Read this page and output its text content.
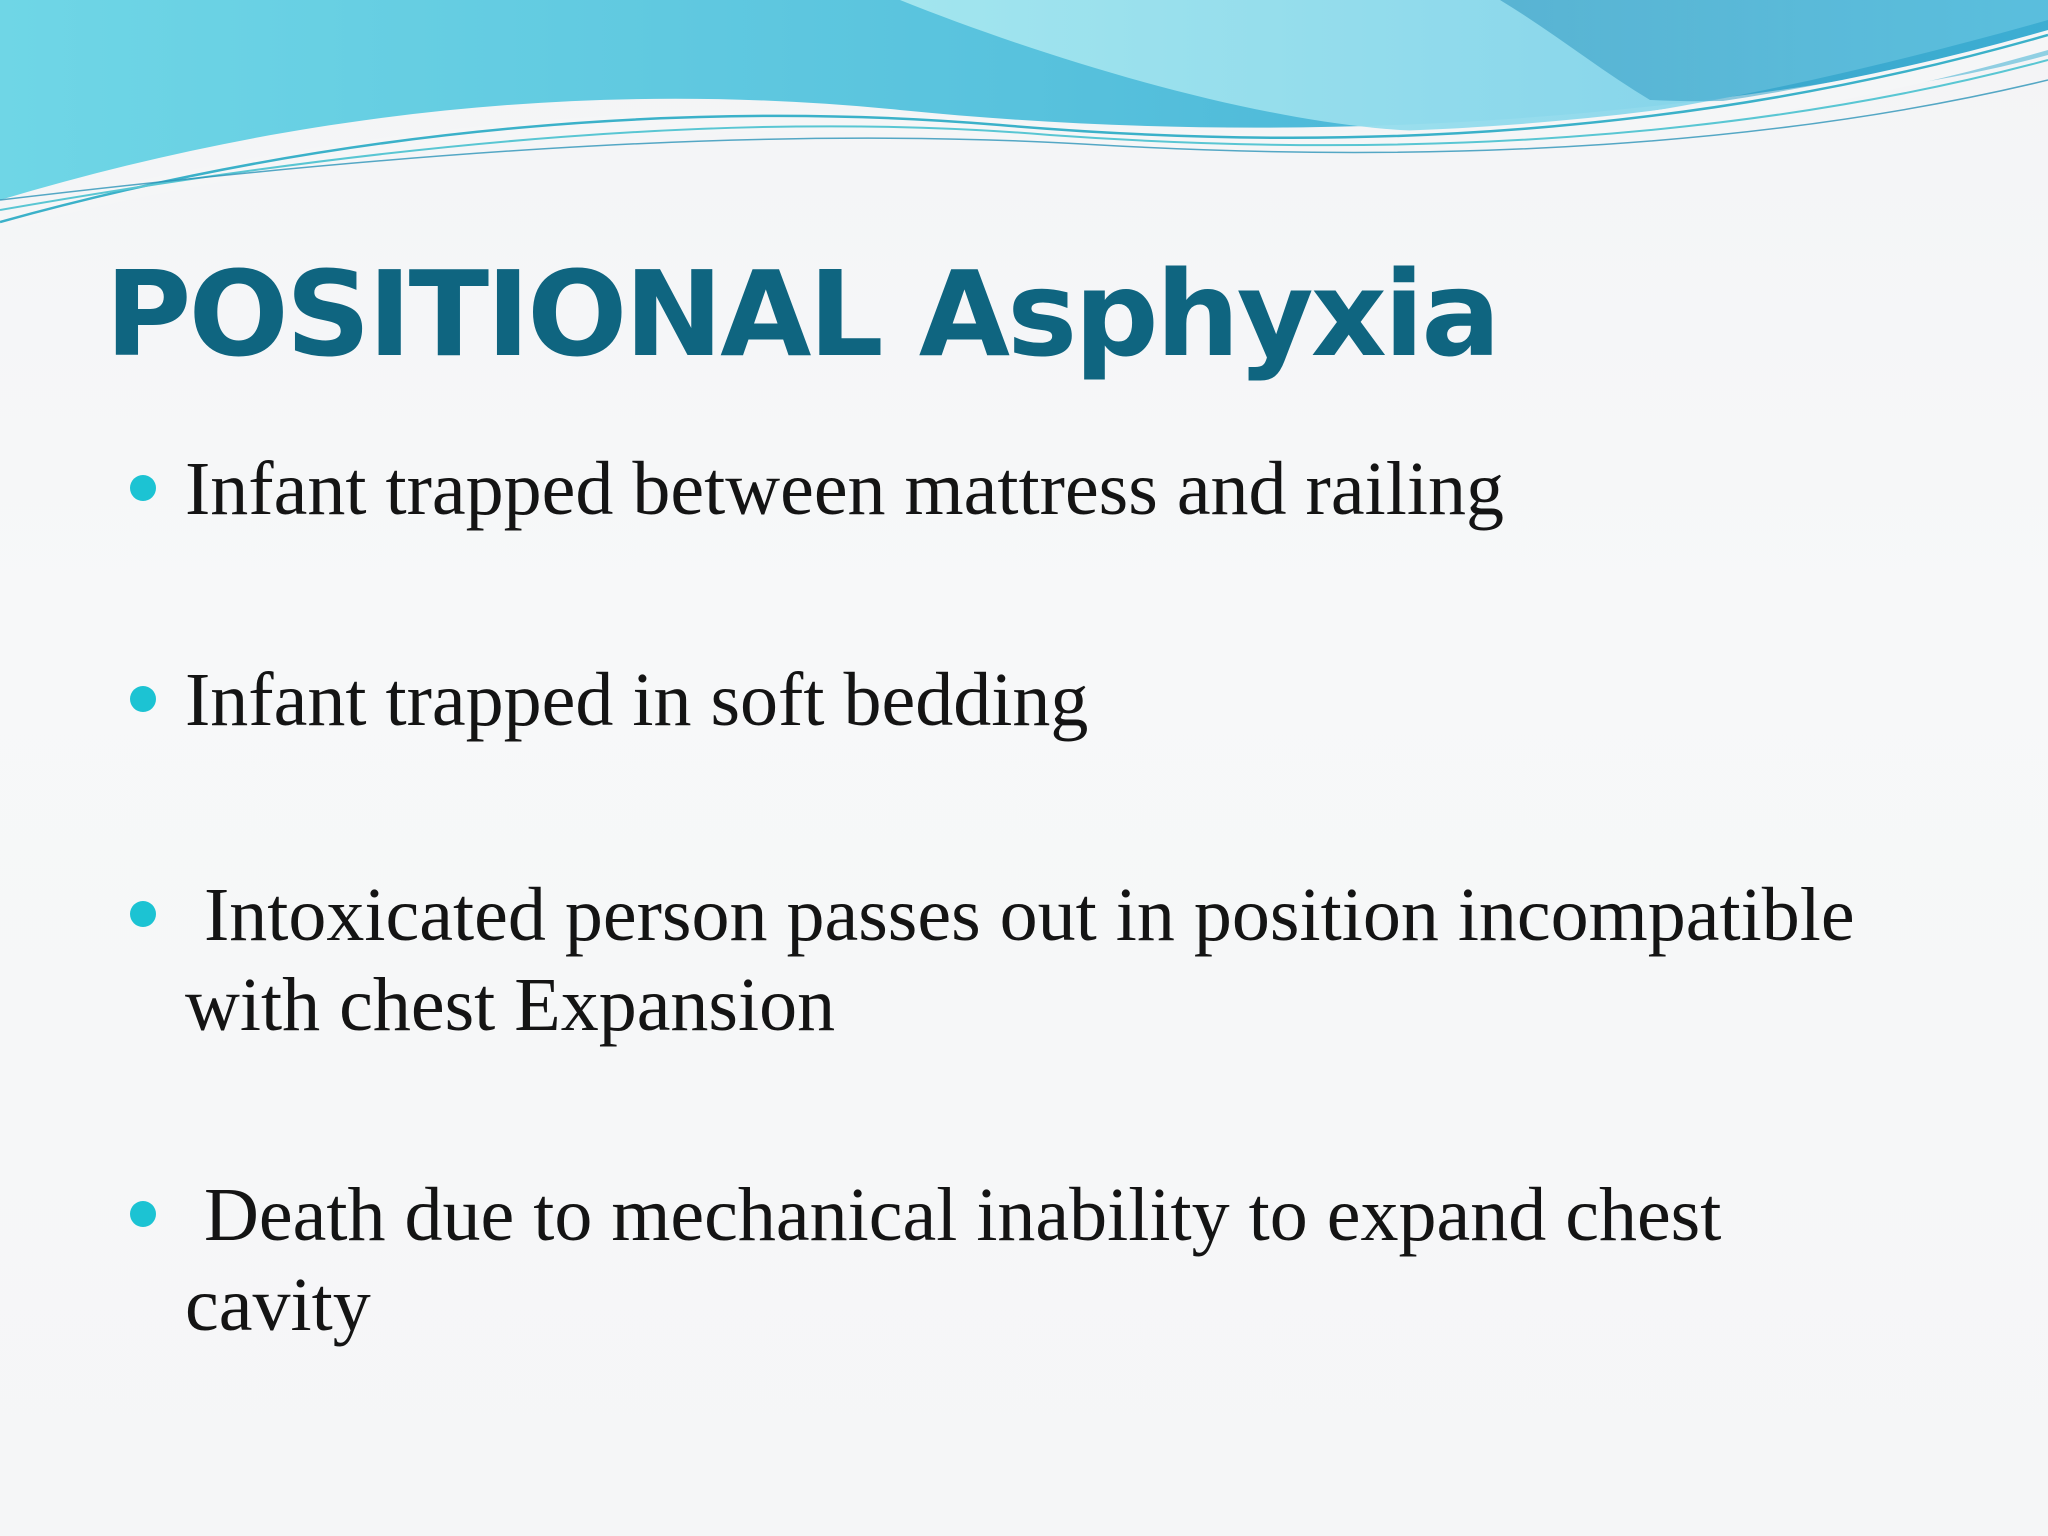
POSITIONAL Asphyxia
Infant trapped between mattress and railing
Infant trapped in soft bedding
Intoxicated person passes out in position incompatible
with chest Expansion
Death due to mechanical inability to expand chest
cavity
